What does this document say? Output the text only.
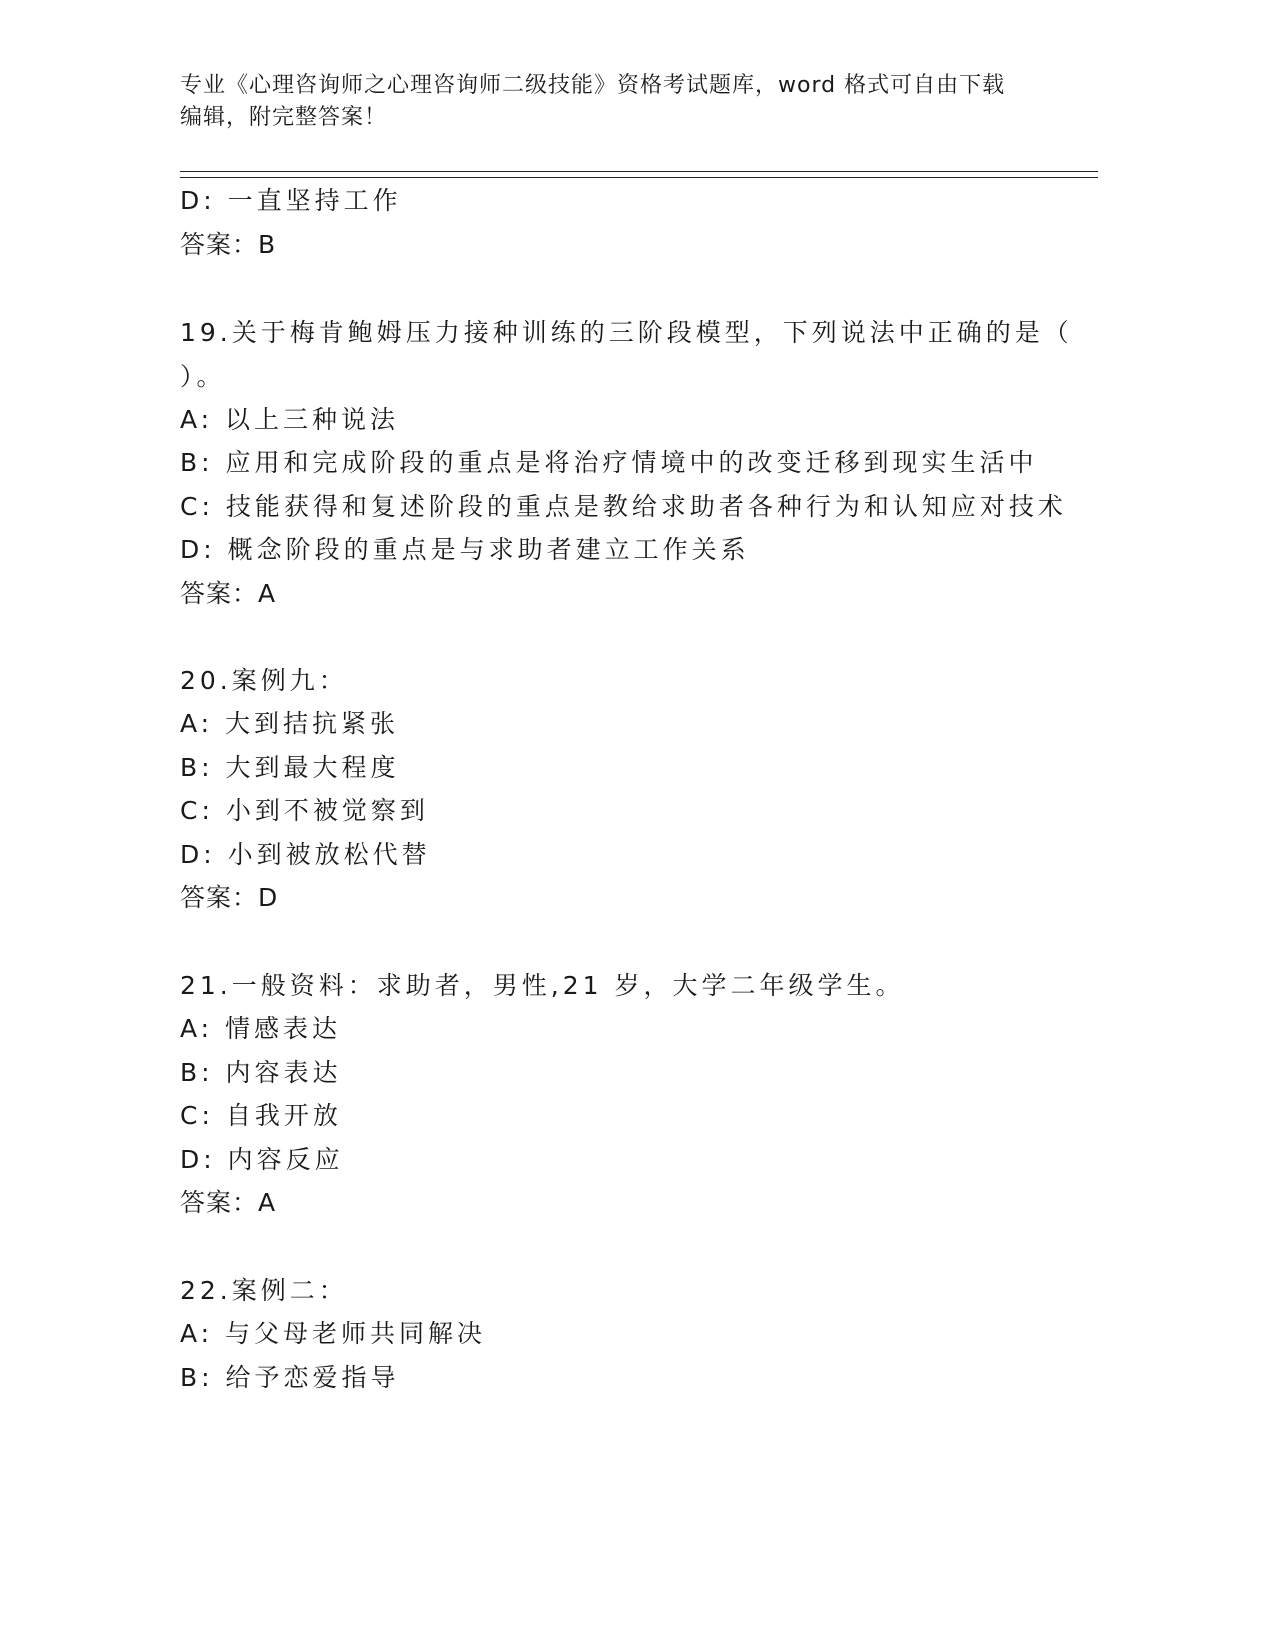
专业《心理咨询师之心理咨询师二级技能》资格考试题库，word 格式可自由下载
编辑，附完整答案！
D: 一直坚持工作
答案：B
19.关于梅肯鲍姆压力接种训练的三阶段模型，下列说法中正确的是（
）。
A: 以上三种说法
B: 应用和完成阶段的重点是将治疗情境中的改变迁移到现实生活中
C: 技能获得和复述阶段的重点是教给求助者各种行为和认知应对技术
D: 概念阶段的重点是与求助者建立工作关系
答案：A
20.案例九：
A: 大到拮抗紧张
B: 大到最大程度
C: 小到不被觉察到
D: 小到被放松代替
答案：D
21.一般资料：求助者，男性,21 岁，大学二年级学生。
A: 情感表达
B: 内容表达
C: 自我开放
D: 内容反应
答案：A
22.案例二：
A: 与父母老师共同解决
B: 给予恋爱指导
